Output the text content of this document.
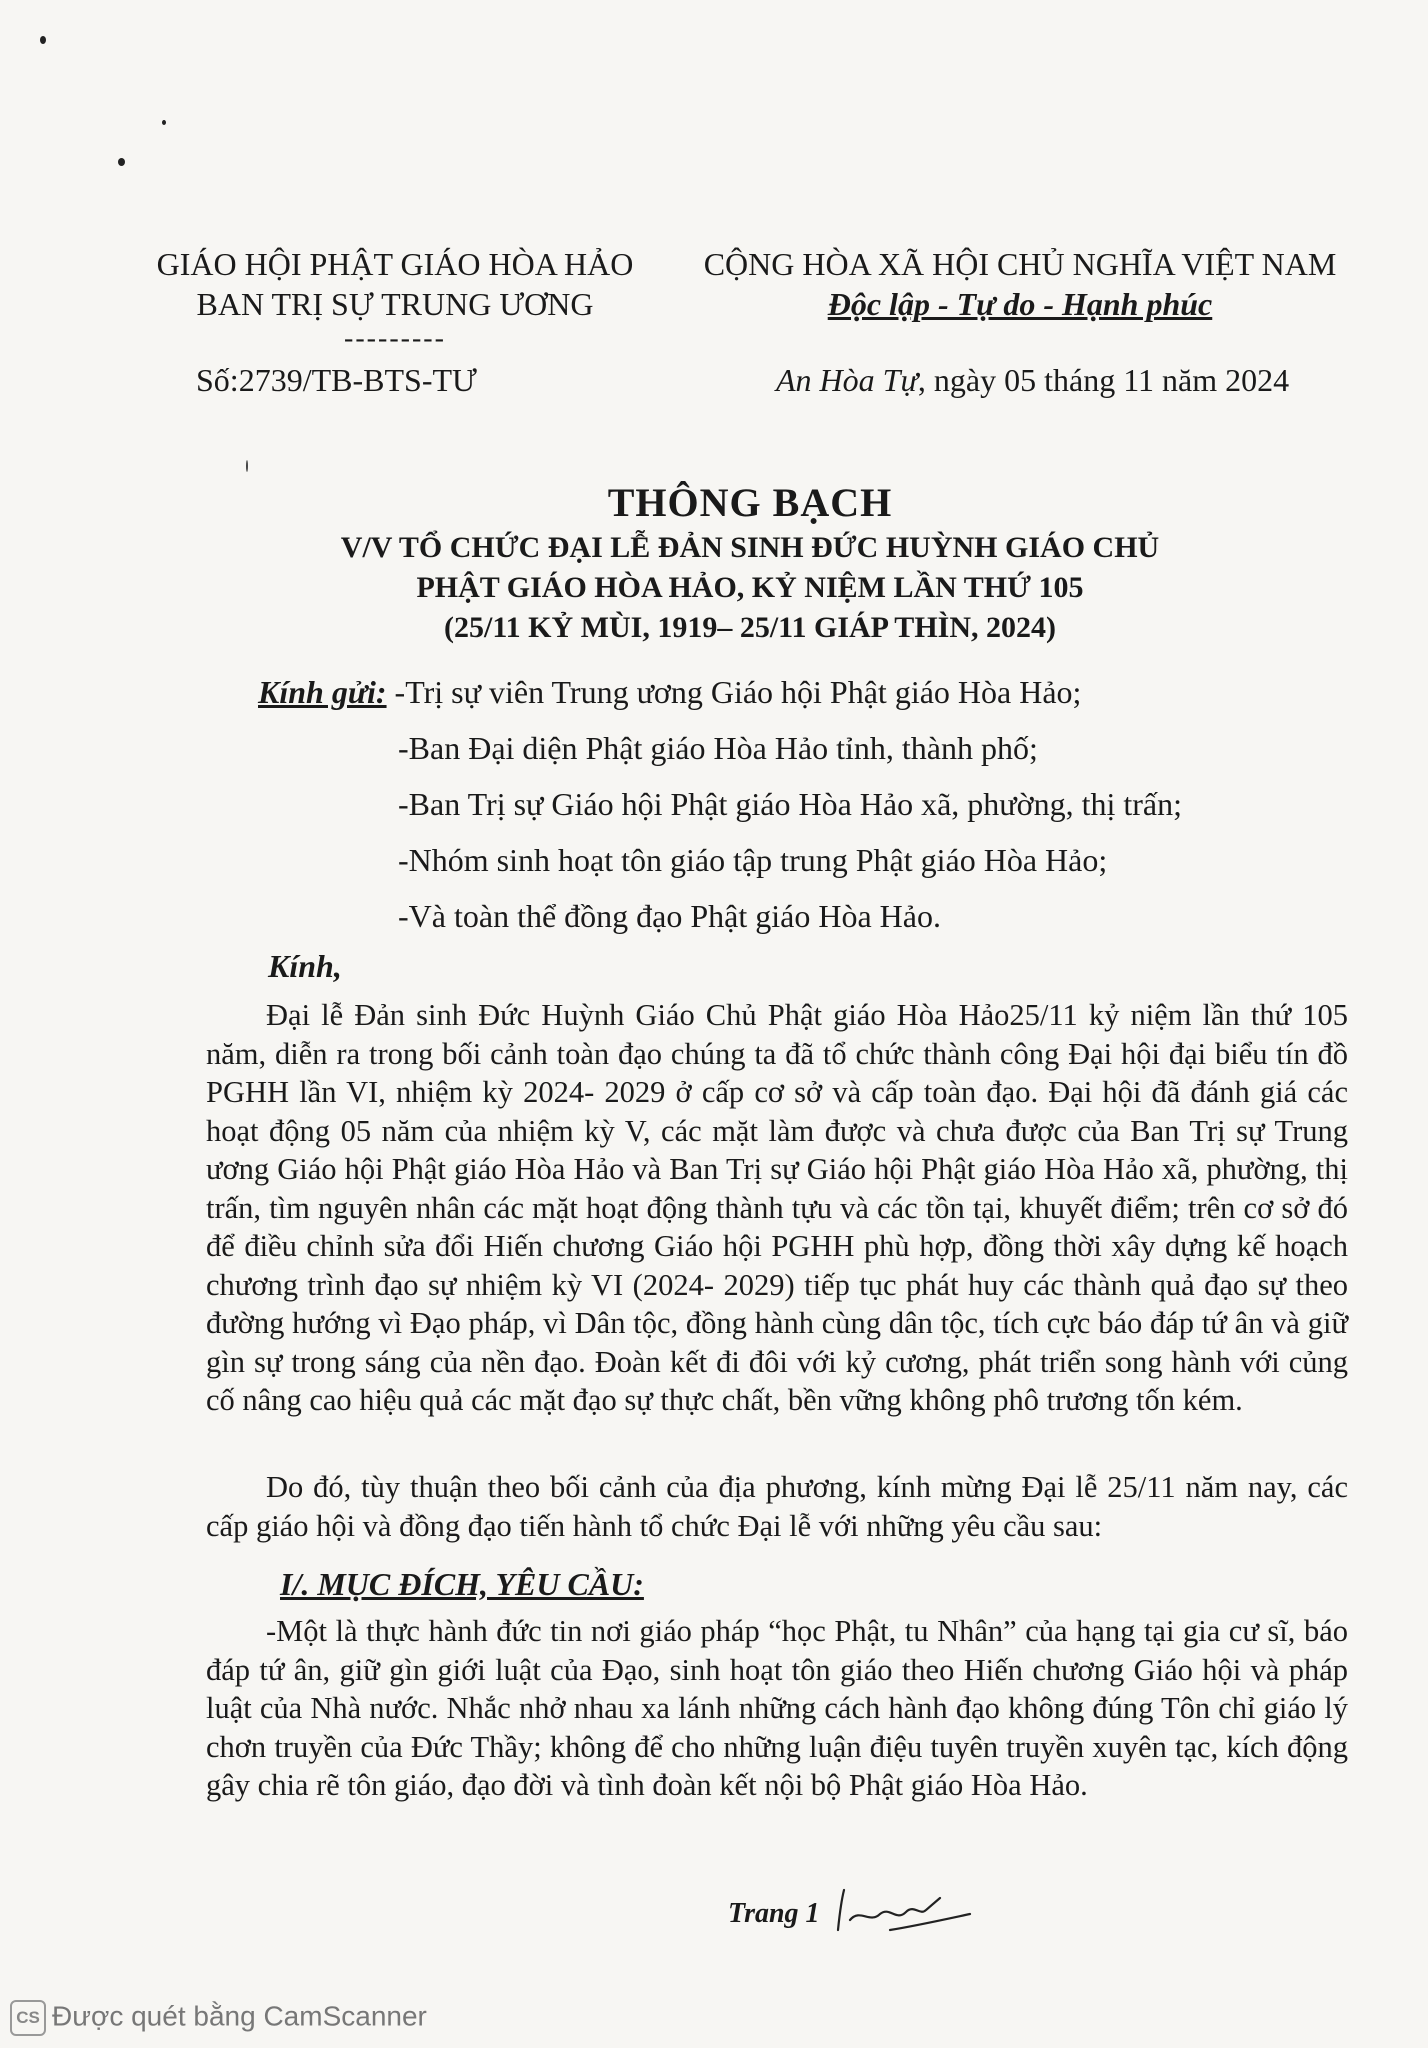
GIÁO HỘI PHẬT GIÁO HÒA HẢO
BAN TRỊ SỰ TRUNG ƯƠNG
---------
Số:2739/TB-BTS-TƯ
CỘNG HÒA XÃ HỘI CHỦ NGHĨA VIỆT NAM
Độc lập - Tự do - Hạnh phúc
An Hòa Tự, ngày 05 tháng 11 năm 2024
THÔNG BẠCH
V/V TỔ CHỨC ĐẠI LỄ ĐẢN SINH ĐỨC HUỲNH GIÁO CHỦ
PHẬT GIÁO HÒA HẢO, KỶ NIỆM LẦN THỨ 105
(25/11 KỶ MÙI, 1919– 25/11 GIÁP THÌN, 2024)
Kính gửi: -Trị sự viên Trung ương Giáo hội Phật giáo Hòa Hảo;
-Ban Đại diện Phật giáo Hòa Hảo tỉnh, thành phố;
-Ban Trị sự Giáo hội Phật giáo Hòa Hảo xã, phường, thị trấn;
-Nhóm sinh hoạt tôn giáo tập trung Phật giáo Hòa Hảo;
-Và toàn thể đồng đạo Phật giáo Hòa Hảo.
Kính,
Đại lễ Đản sinh Đức Huỳnh Giáo Chủ Phật giáo Hòa Hảo25/11 kỷ niệm lần thứ 105 năm, diễn ra trong bối cảnh toàn đạo chúng ta đã tổ chức thành công Đại hội đại biểu tín đồ PGHH lần VI, nhiệm kỳ 2024- 2029 ở cấp cơ sở và cấp toàn đạo. Đại hội đã đánh giá các hoạt động 05 năm của nhiệm kỳ V, các mặt làm được và chưa được của Ban Trị sự Trung ương Giáo hội Phật giáo Hòa Hảo và Ban Trị sự Giáo hội Phật giáo Hòa Hảo xã, phường, thị trấn, tìm nguyên nhân các mặt hoạt động thành tựu và các tồn tại, khuyết điểm; trên cơ sở đó để điều chỉnh sửa đổi Hiến chương Giáo hội PGHH phù hợp, đồng thời xây dựng kế hoạch chương trình đạo sự nhiệm kỳ VI (2024- 2029) tiếp tục phát huy các thành quả đạo sự theo đường hướng vì Đạo pháp, vì Dân tộc, đồng hành cùng dân tộc, tích cực báo đáp tứ ân và giữ gìn sự trong sáng của nền đạo. Đoàn kết đi đôi với kỷ cương, phát triển song hành với củng cố nâng cao hiệu quả các mặt đạo sự thực chất, bền vững không phô trương tốn kém.
Do đó, tùy thuận theo bối cảnh của địa phương, kính mừng Đại lễ 25/11 năm nay, các cấp giáo hội và đồng đạo tiến hành tổ chức Đại lễ với những yêu cầu sau:
I/. MỤC ĐÍCH, YÊU CẦU:
-Một là thực hành đức tin nơi giáo pháp “học Phật, tu Nhân” của hạng tại gia cư sĩ, báo đáp tứ ân, giữ gìn giới luật của Đạo, sinh hoạt tôn giáo theo Hiến chương Giáo hội và pháp luật của Nhà nước. Nhắc nhở nhau xa lánh những cách hành đạo không đúng Tôn chỉ giáo lý chơn truyền của Đức Thầy; không để cho những luận điệu tuyên truyền xuyên tạc, kích động gây chia rẽ tôn giáo, đạo đời và tình đoàn kết nội bộ Phật giáo Hòa Hảo.
Trang 1
CS Được quét bằng CamScanner
